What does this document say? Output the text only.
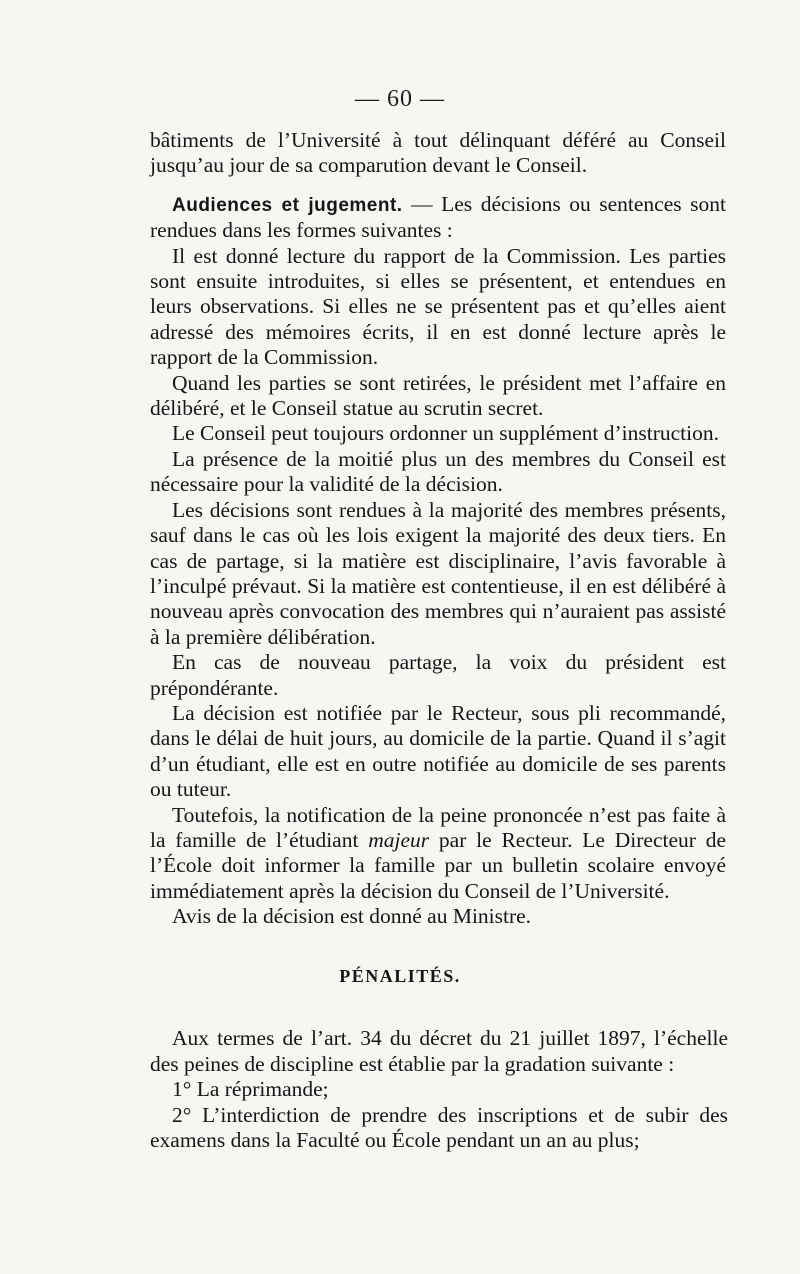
— 60 —

bâtiments de l’Université à tout délinquant déféré au Conseil jusqu’au jour de sa comparution devant le Conseil.

Audiences et jugement. — Les décisions ou sentences sont rendues dans les formes suivantes :

Il est donné lecture du rapport de la Commission. Les parties sont ensuite introduites, si elles se présentent, et entendues en leurs observations. Si elles ne se présentent pas et qu’elles aient adressé des mémoires écrits, il en est donné lecture après le rapport de la Commission.

Quand les parties se sont retirées, le président met l’affaire en délibéré, et le Conseil statue au scrutin secret.

Le Conseil peut toujours ordonner un supplément d’instruction.

La présence de la moitié plus un des membres du Conseil est nécessaire pour la validité de la décision.

Les décisions sont rendues à la majorité des membres présents, sauf dans le cas où les lois exigent la majorité des deux tiers. En cas de partage, si la matière est disciplinaire, l’avis favorable à l’inculpé prévaut. Si la matière est contentieuse, il en est délibéré à nouveau après convocation des membres qui n’auraient pas assisté à la première délibération.

En cas de nouveau partage, la voix du président est prépondérante.

La décision est notifiée par le Recteur, sous pli recommandé, dans le délai de huit jours, au domicile de la partie. Quand il s’agit d’un étudiant, elle est en outre notifiée au domicile de ses parents ou tuteur.

Toutefois, la notification de la peine prononcée n’est pas faite à la famille de l’étudiant majeur par le Recteur. Le Directeur de l’École doit informer la famille par un bulletin scolaire envoyé immédiatement après la décision du Conseil de l’Université.

Avis de la décision est donné au Ministre.

PÉNALITÉS.

Aux termes de l’art. 34 du décret du 21 juillet 1897, l’échelle des peines de discipline est établie par la gradation suivante :

1° La réprimande;

2° L’interdiction de prendre des inscriptions et de subir des examens dans la Faculté ou École pendant un an au plus;
